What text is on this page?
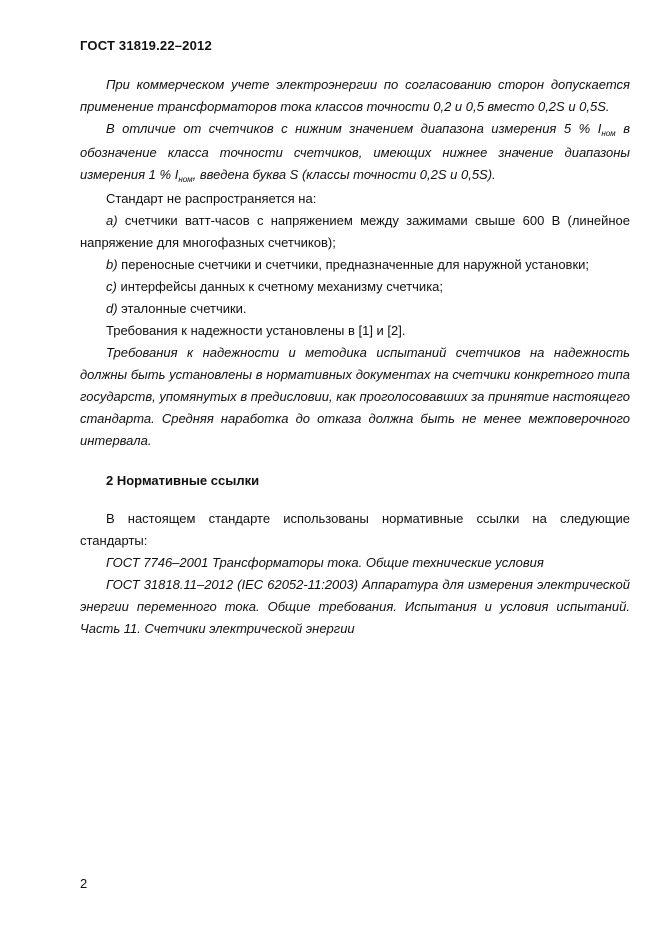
ГОСТ 31819.22–2012

При коммерческом учете электроэнергии по согласованию сторон допускается применение трансформаторов тока классов точности 0,2 и 0,5 вместо 0,2S и 0,5S.

В отличие от счетчиков с нижним значением диапазона измерения 5 % $I_{ном}$ в обозначение класса точности счетчиков, имеющих нижнее значение диапазоны измерения 1 % $I_{ном}$, введена буква S (классы точности 0,2S и 0,5S).

Стандарт не распространяется на:

a) счетчики ватт-часов с напряжением между зажимами свыше 600 В (линейное напряжение для многофазных счетчиков);

b) переносные счетчики и счетчики, предназначенные для наружной установки;

c) интерфейсы данных к счетному механизму счетчика;

d) эталонные счетчики.

Требования к надежности установлены в [1] и [2].

Требования к надежности и методика испытаний счетчиков на надежность должны быть установлены в нормативных документах на счетчики конкретного типа государств, упомянутых в предисловии, как проголосовавших за принятие настоящего стандарта. Средняя наработка до отказа должна быть не менее межповерочного интервала.

2 Нормативные ссылки

В настоящем стандарте использованы нормативные ссылки на следующие стандарты:

ГОСТ 7746–2001 Трансформаторы тока. Общие технические условия

ГОСТ 31818.11–2012 (IEC 62052-11:2003) Аппаратура для измерения электрической энергии переменного тока. Общие требования. Испытания и условия испытаний. Часть 11. Счетчики электрической энергии

2
